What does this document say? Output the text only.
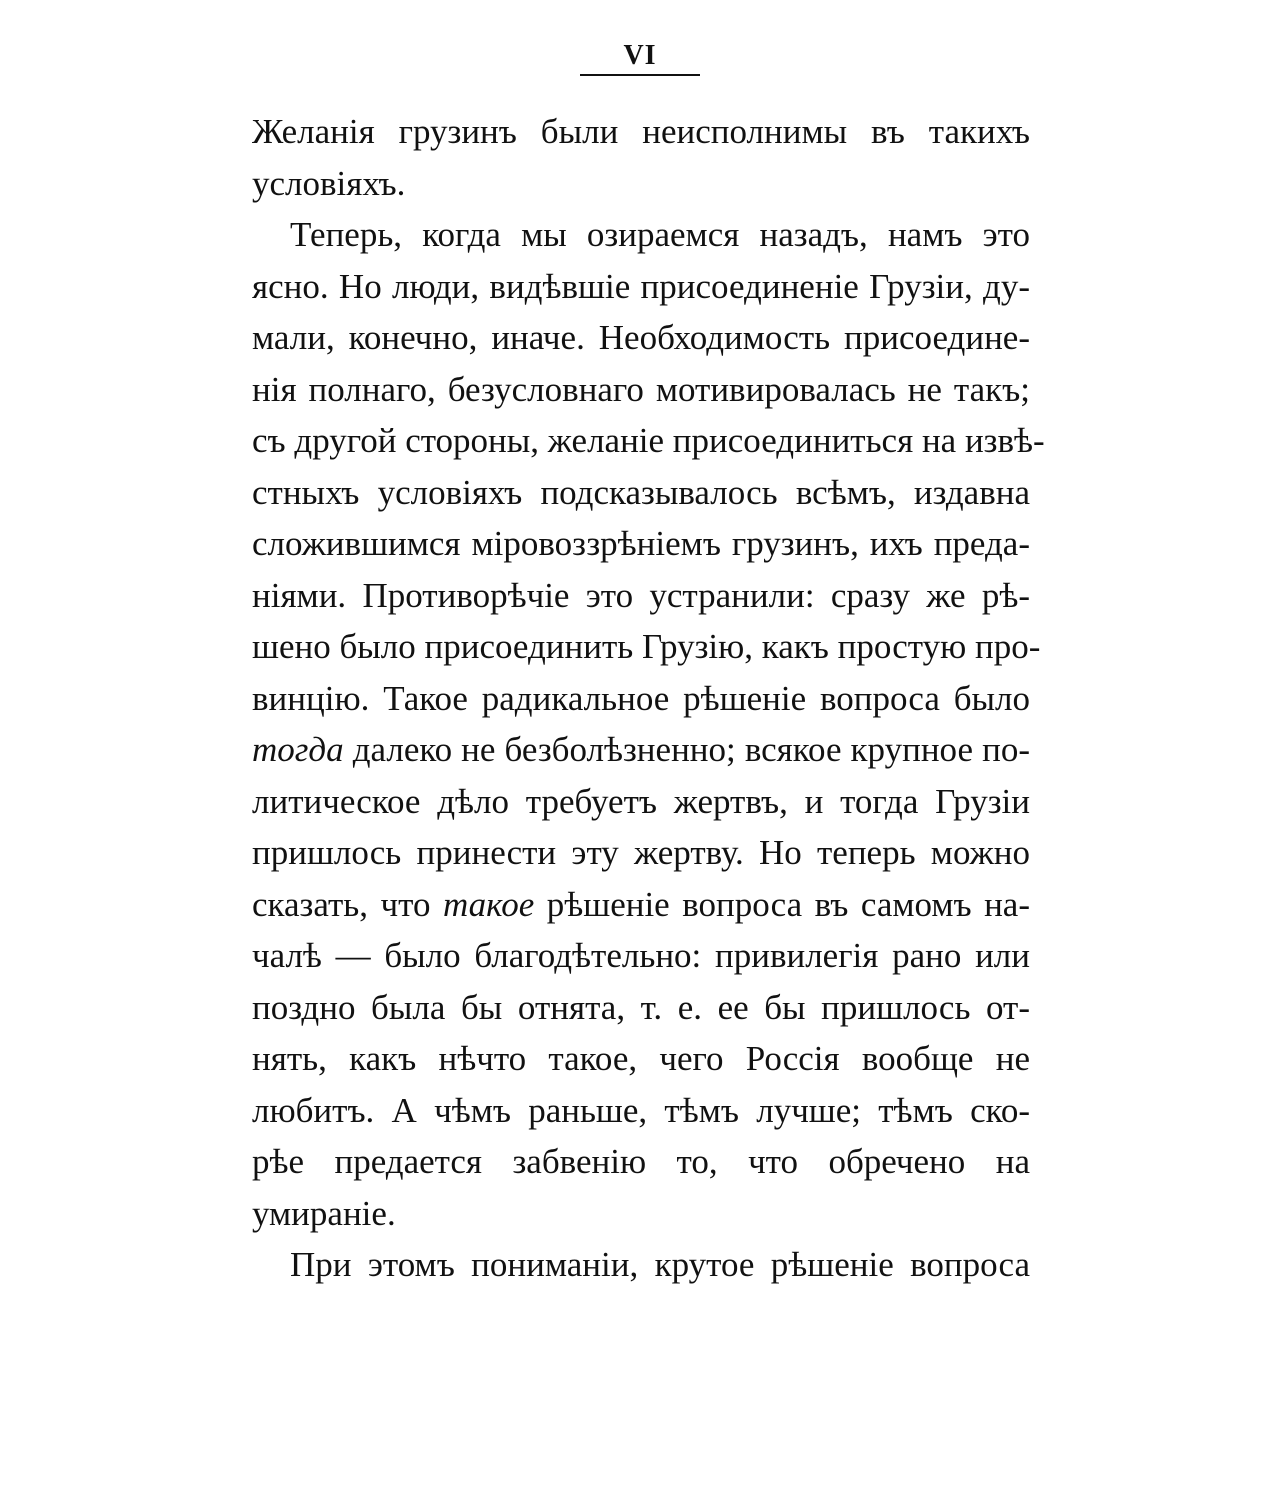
VI
Желанія грузинъ были неисполнимы въ такихъ
условіяхъ.
Теперь, когда мы озираемся назадъ, намъ это
ясно. Но люди, видѣвшіе присоединеніе Грузіи, ду-
мали, конечно, иначе. Необходимость присоедине-
нія полнаго, безусловнаго мотивировалась не такъ;
съ другой стороны, желаніе присоединиться на извѣ-
стныхъ условіяхъ подсказывалось всѣмъ, издавна
сложившимся міровоззрѣніемъ грузинъ, ихъ преда-
ніями. Противорѣчіе это устранили: сразу же рѣ-
шено было присоединить Грузію, какъ простую про-
винцію. Такое радикальное рѣшеніе вопроса было
тогда далеко не безболѣзненно; всякое крупное по-
литическое дѣло требуетъ жертвъ, и тогда Грузіи
пришлось принести эту жертву. Но теперь можно
сказать, что такое рѣшеніе вопроса въ самомъ на-
чалѣ — было благодѣтельно: привилегія рано или
поздно была бы отнята, т. е. ее бы пришлось от-
нять, какъ нѣчто такое, чего Россія вообще не
любитъ. А чѣмъ раньше, тѣмъ лучше; тѣмъ ско-
рѣе предается забвенію то, что обречено на
умираніе.
При этомъ пониманіи, крутое рѣшеніе вопроса
